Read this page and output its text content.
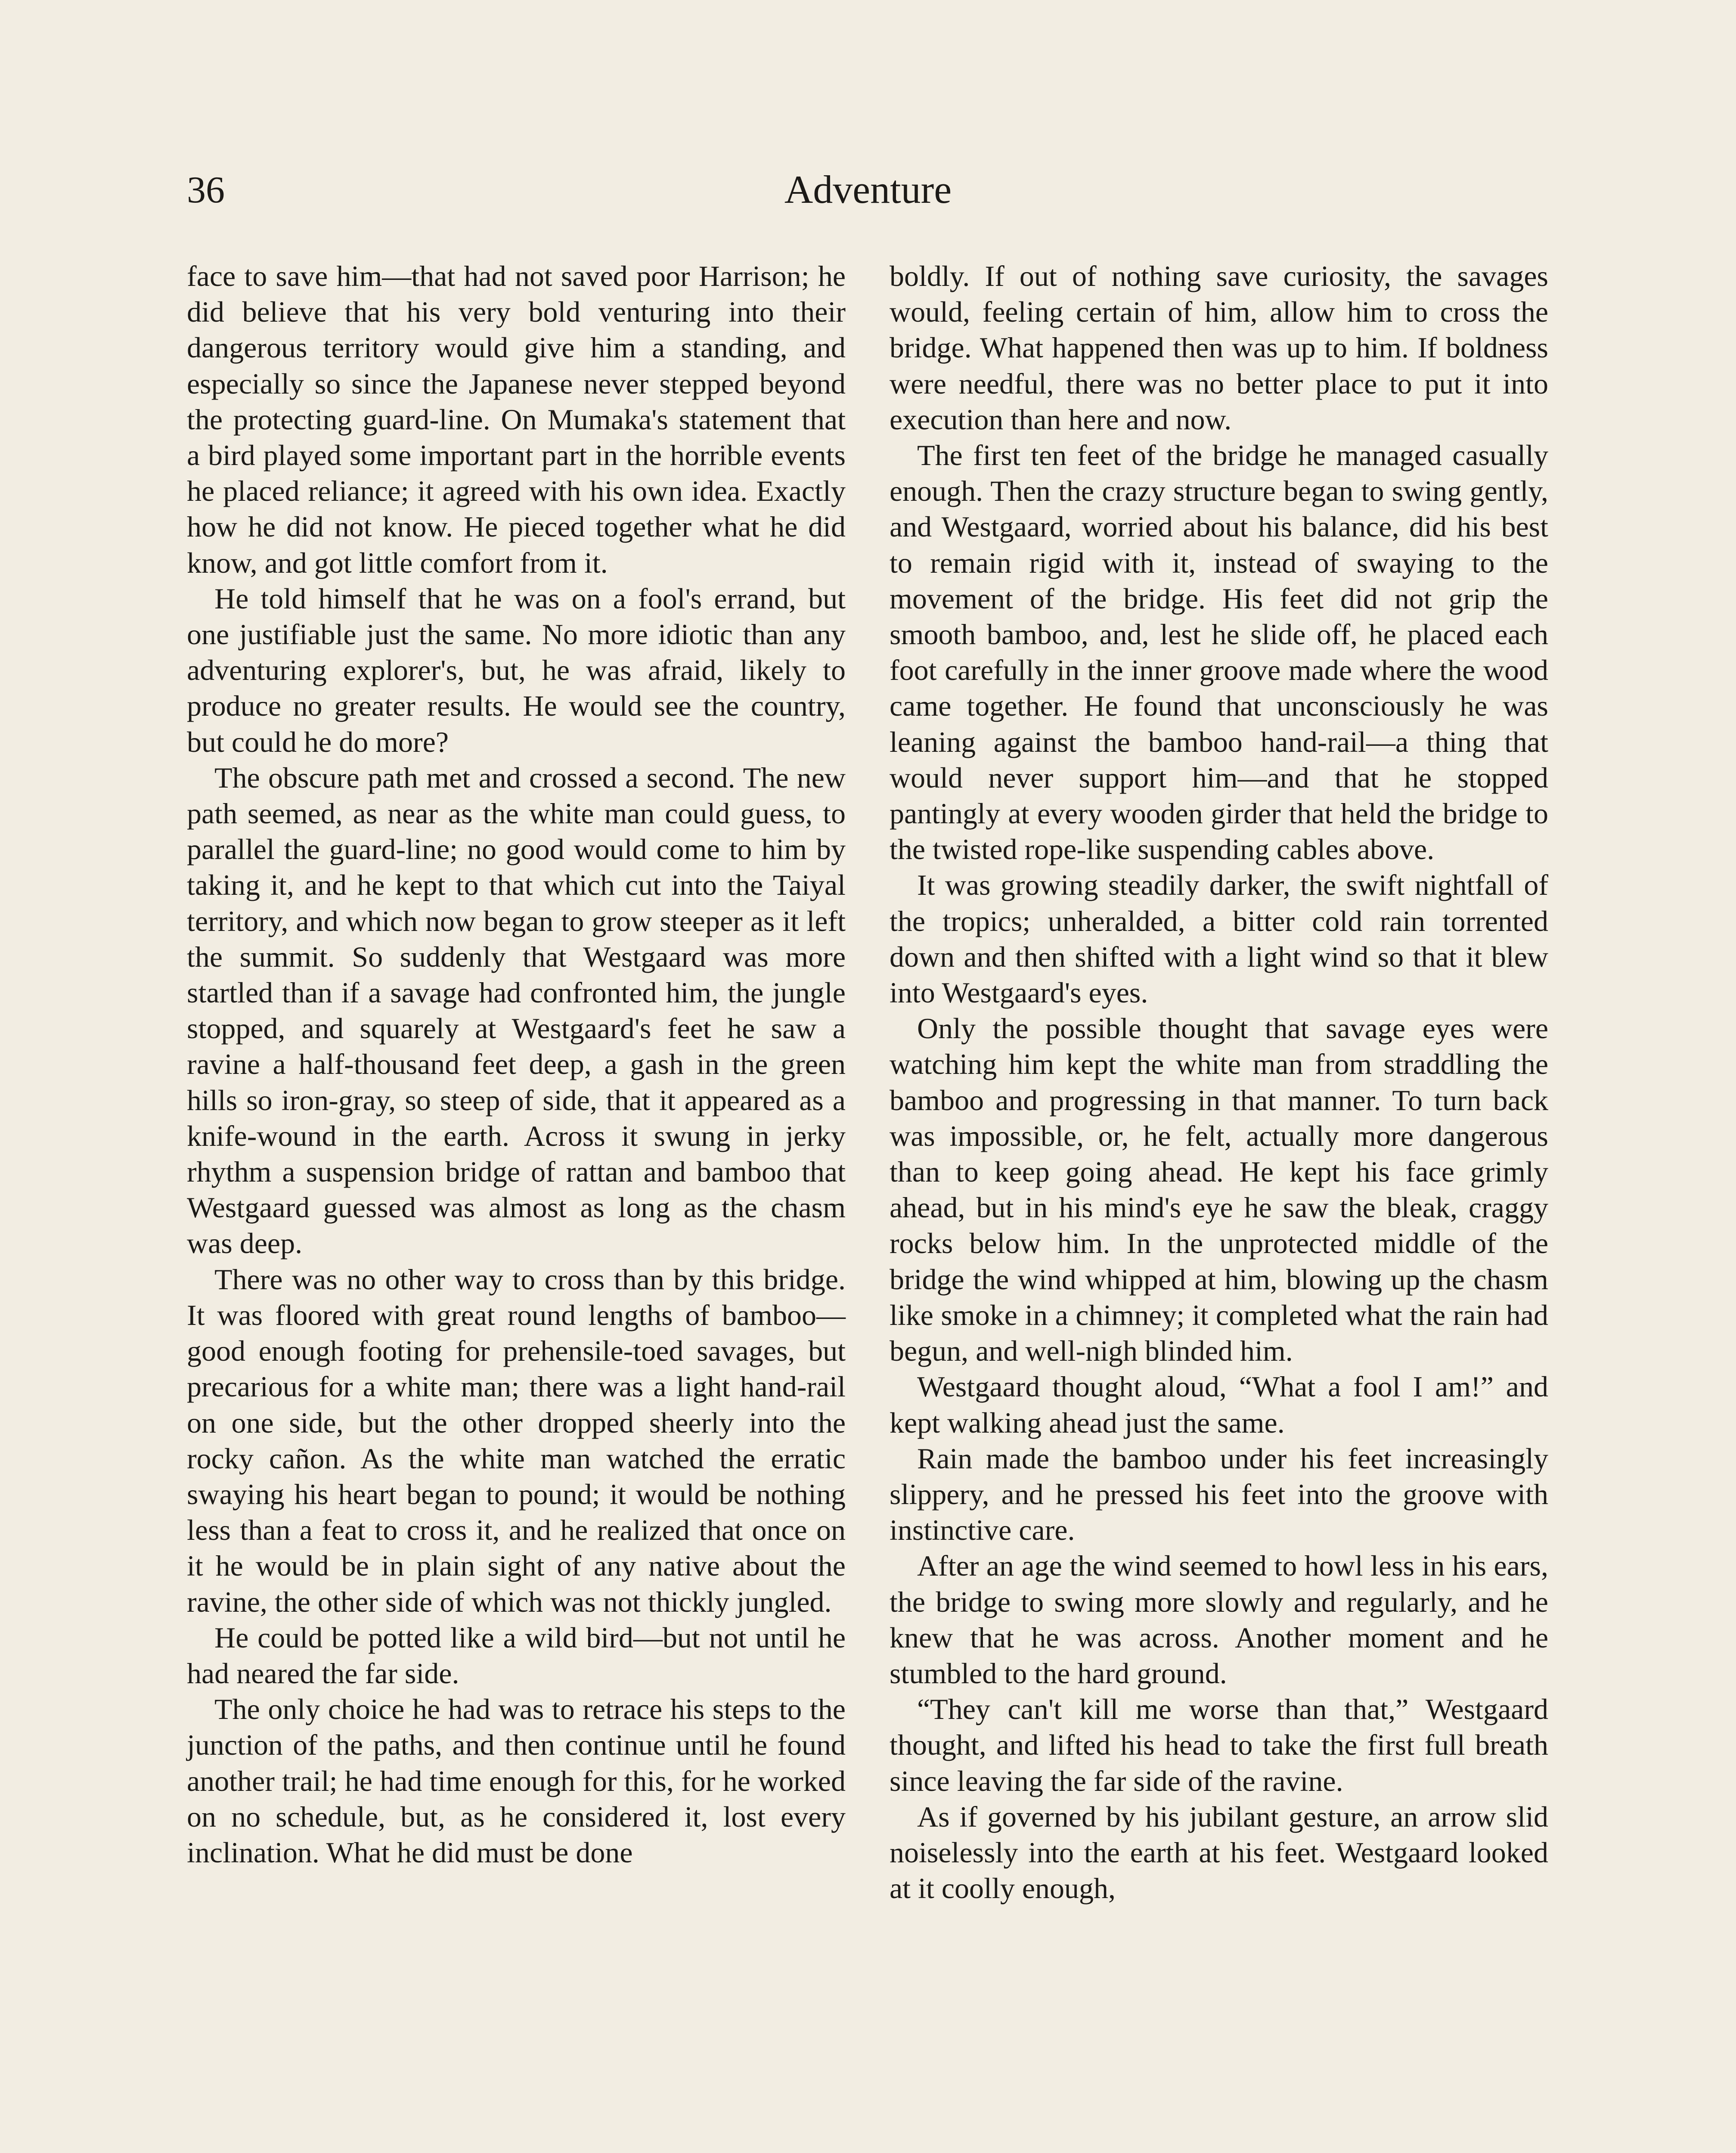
36	Adventure

face to save him—that had not saved poor Harrison; he did believe that his very bold venturing into their dangerous territory would give him a standing, and especially so since the Japanese never stepped beyond the protecting guard-line. On Mumaka's statement that a bird played some important part in the horrible events he placed reliance; it agreed with his own idea. Exactly how he did not know. He pieced together what he did know, and got little comfort from it.

He told himself that he was on a fool's errand, but one justifiable just the same. No more idiotic than any adventuring explorer's, but, he was afraid, likely to produce no greater results. He would see the country, but could he do more?

The obscure path met and crossed a second. The new path seemed, as near as the white man could guess, to parallel the guard-line; no good would come to him by taking it, and he kept to that which cut into the Taiyal territory, and which now began to grow steeper as it left the summit. So suddenly that Westgaard was more startled than if a savage had confronted him, the jungle stopped, and squarely at Westgaard's feet he saw a ravine a half-thousand feet deep, a gash in the green hills so iron-gray, so steep of side, that it appeared as a knife-wound in the earth. Across it swung in jerky rhythm a suspension bridge of rattan and bamboo that Westgaard guessed was almost as long as the chasm was deep.

There was no other way to cross than by this bridge. It was floored with great round lengths of bamboo—good enough footing for prehensile-toed savages, but precarious for a white man; there was a light hand-rail on one side, but the other dropped sheerly into the rocky cañon. As the white man watched the erratic swaying his heart began to pound; it would be nothing less than a feat to cross it, and he realized that once on it he would be in plain sight of any native about the ravine, the other side of which was not thickly jungled.

He could be potted like a wild bird—but not until he had neared the far side.

The only choice he had was to retrace his steps to the junction of the paths, and then continue until he found another trail; he had time enough for this, for he worked on no schedule, but, as he considered it, lost every inclination. What he did must be done

boldly. If out of nothing save curiosity, the savages would, feeling certain of him, allow him to cross the bridge. What happened then was up to him. If boldness were needful, there was no better place to put it into execution than here and now.

The first ten feet of the bridge he managed casually enough. Then the crazy structure began to swing gently, and Westgaard, worried about his balance, did his best to remain rigid with it, instead of swaying to the movement of the bridge. His feet did not grip the smooth bamboo, and, lest he slide off, he placed each foot carefully in the inner groove made where the wood came together. He found that unconsciously he was leaning against the bamboo hand-rail—a thing that would never support him—and that he stopped pantingly at every wooden girder that held the bridge to the twisted rope-like suspending cables above.

It was growing steadily darker, the swift nightfall of the tropics; unheralded, a bitter cold rain torrented down and then shifted with a light wind so that it blew into Westgaard's eyes.

Only the possible thought that savage eyes were watching him kept the white man from straddling the bamboo and progressing in that manner. To turn back was impossible, or, he felt, actually more dangerous than to keep going ahead. He kept his face grimly ahead, but in his mind's eye he saw the bleak, craggy rocks below him. In the unprotected middle of the bridge the wind whipped at him, blowing up the chasm like smoke in a chimney; it completed what the rain had begun, and well-nigh blinded him.

Westgaard thought aloud, “What a fool I am!” and kept walking ahead just the same.

Rain made the bamboo under his feet increasingly slippery, and he pressed his feet into the groove with instinctive care.

After an age the wind seemed to howl less in his ears, the bridge to swing more slowly and regularly, and he knew that he was across. Another moment and he stumbled to the hard ground.

“They can't kill me worse than that,” Westgaard thought, and lifted his head to take the first full breath since leaving the far side of the ravine.

As if governed by his jubilant gesture, an arrow slid noiselessly into the earth at his feet. Westgaard looked at it coolly enough,
